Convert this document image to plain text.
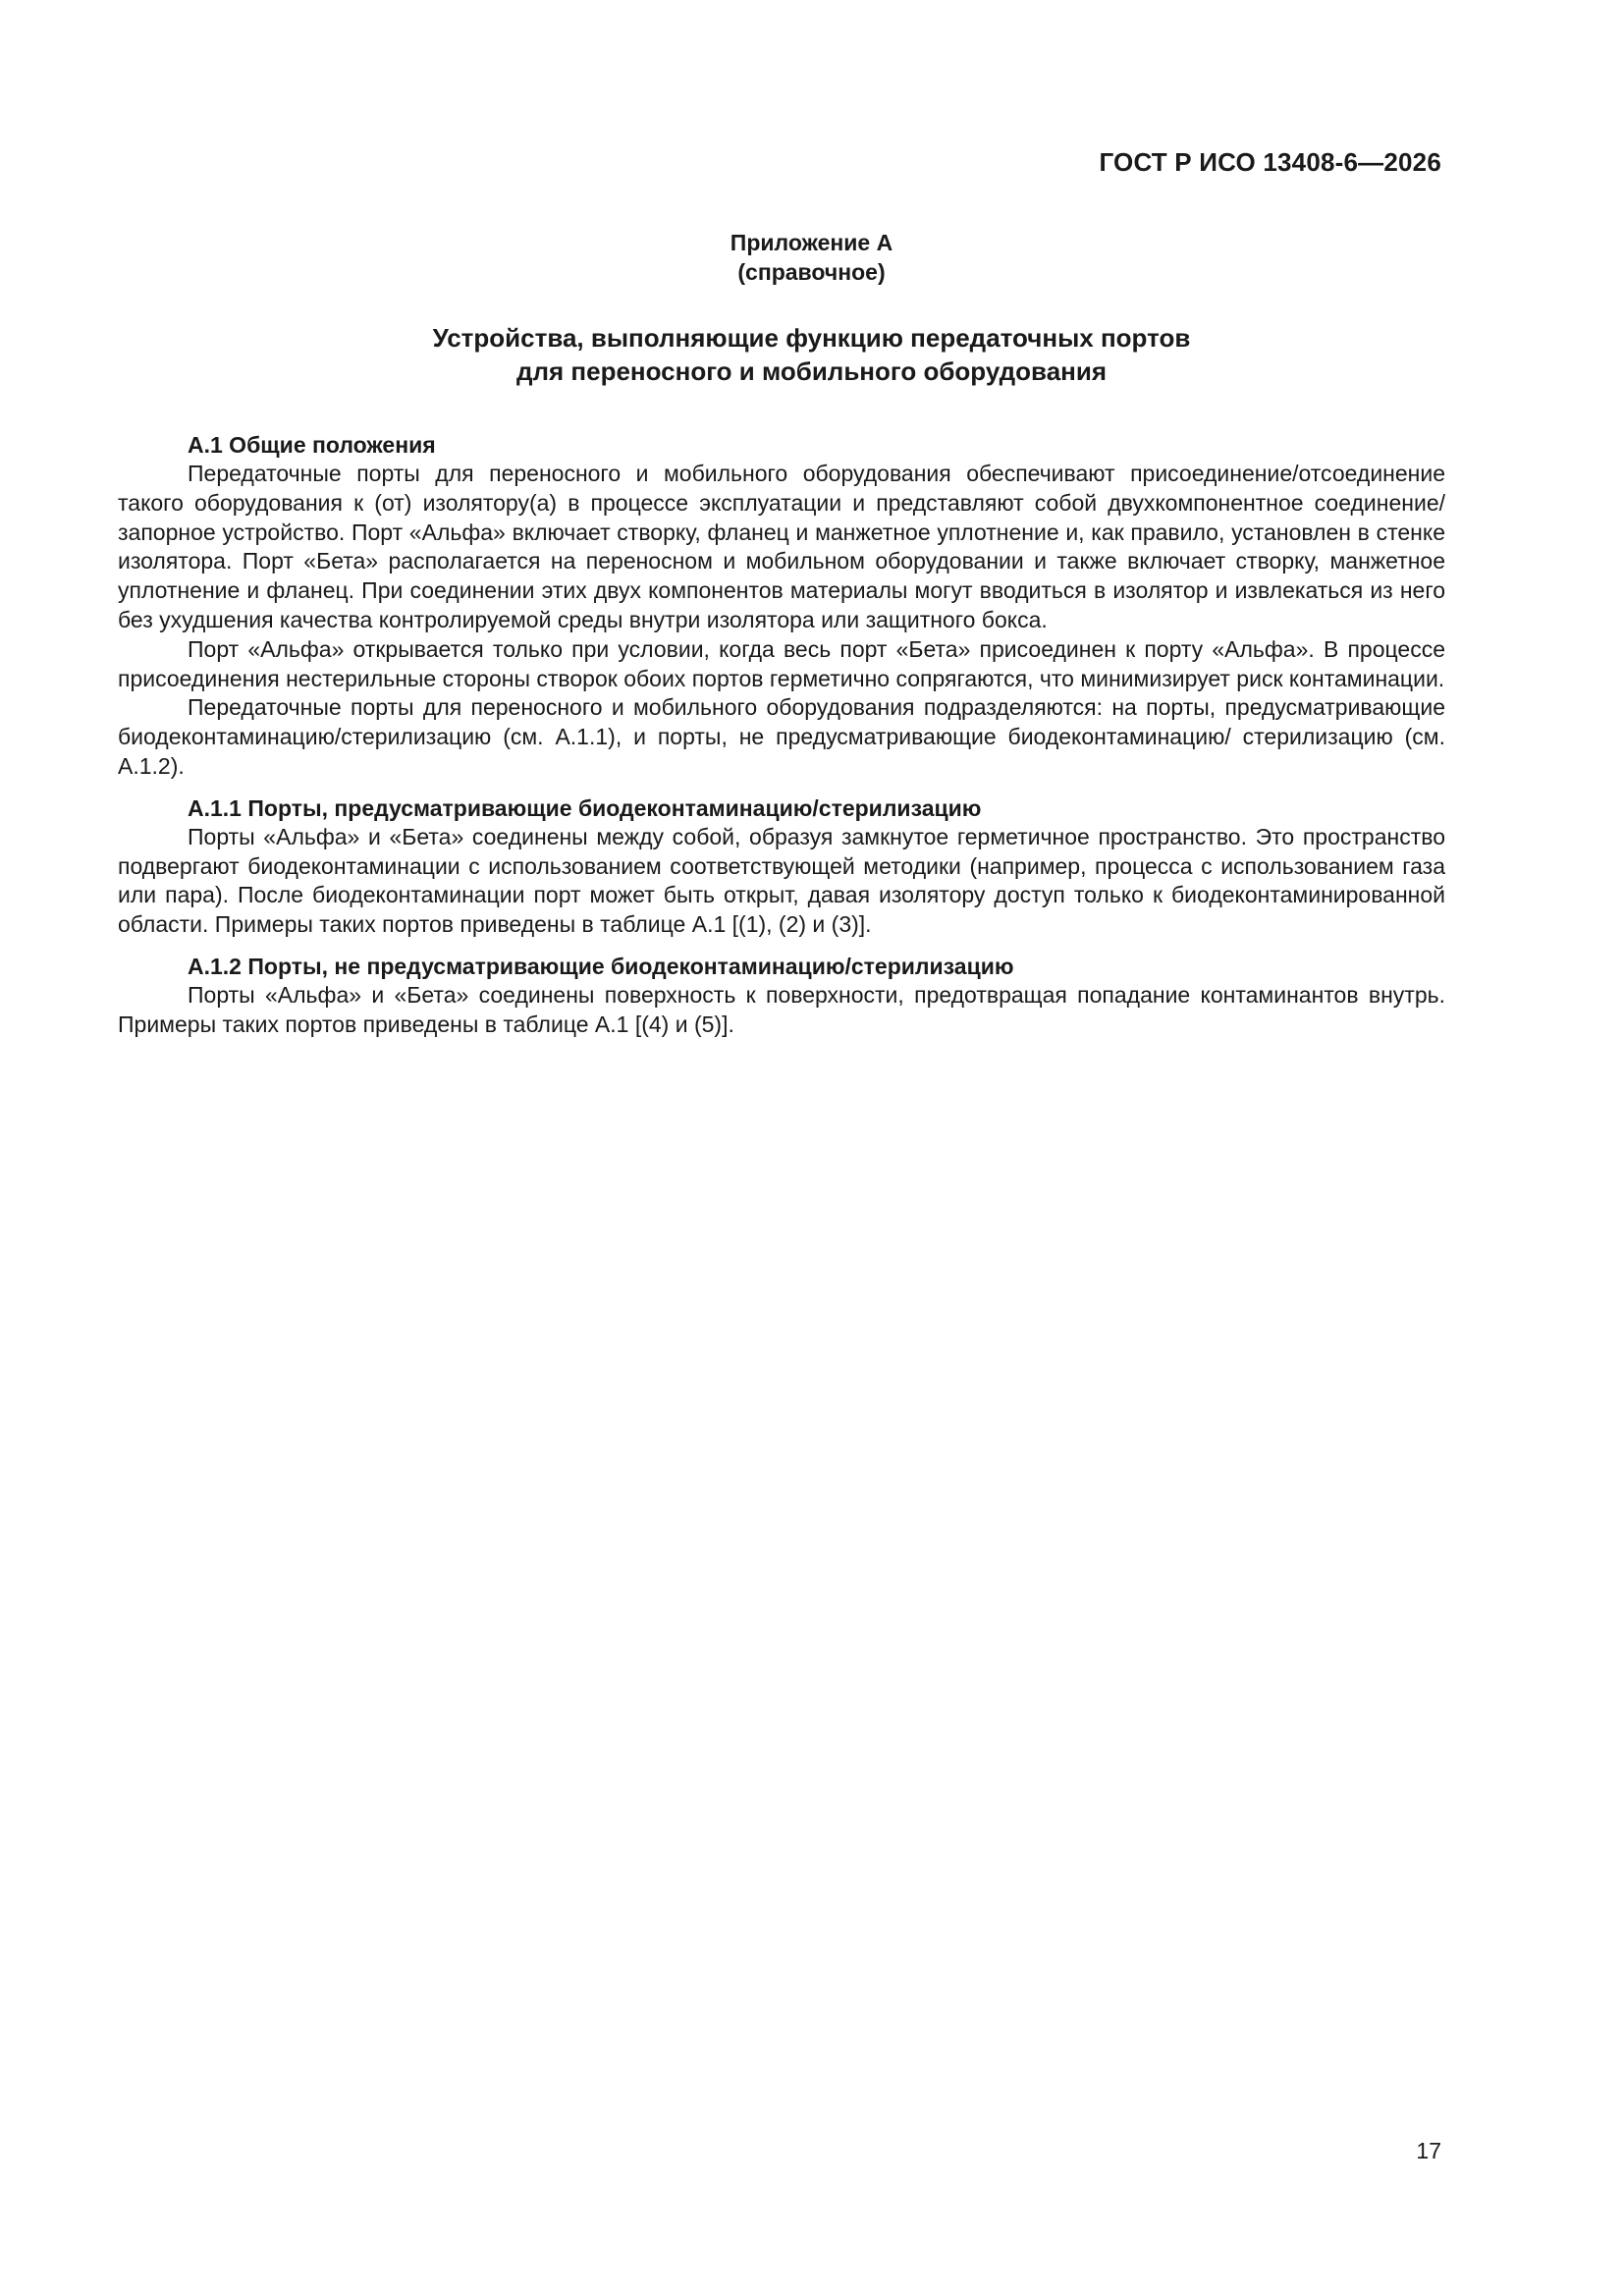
ГОСТ Р ИСО 13408-6—2026
Приложение А
(справочное)
Устройства, выполняющие функцию передаточных портов
для переносного и мобильного оборудования
А.1 Общие положения

Передаточные порты для переносного и мобильного оборудования обеспечивают присоединение/отсоединение такого оборудования к (от) изолятору(а) в процессе эксплуатации и представляют собой двухкомпонентное соединение/запорное устройство. Порт «Альфа» включает створку, фланец и манжетное уплотнение и, как правило, установлен в стенке изолятора. Порт «Бета» располагается на переносном и мобильном оборудовании и также включает створку, манжетное уплотнение и фланец. При соединении этих двух компонентов материалы могут вводиться в изолятор и извлекаться из него без ухудшения качества контролируемой среды внутри изолятора или защитного бокса.

Порт «Альфа» открывается только при условии, когда весь порт «Бета» присоединен к порту «Альфа». В процессе присоединения нестерильные стороны створок обоих портов герметично сопрягаются, что минимизирует риск контаминации.

Передаточные порты для переносного и мобильного оборудования подразделяются: на порты, предусматривающие биодеконтаминацию/стерилизацию (см. А.1.1), и порты, не предусматривающие биодеконтаминацию/ стерилизацию (см. А.1.2).

А.1.1 Порты, предусматривающие биодеконтаминацию/стерилизацию

Порты «Альфа» и «Бета» соединены между собой, образуя замкнутое герметичное пространство. Это пространство подвергают биодеконтаминации с использованием соответствующей методики (например, процесса с использованием газа или пара). После биодеконтаминации порт может быть открыт, давая изолятору доступ только к биодеконтаминированной области. Примеры таких портов приведены в таблице А.1 [(1), (2) и (3)].

А.1.2 Порты, не предусматривающие биодеконтаминацию/стерилизацию

Порты «Альфа» и «Бета» соединены поверхность к поверхности, предотвращая попадание контаминантов внутрь. Примеры таких портов приведены в таблице А.1 [(4) и (5)].

17
